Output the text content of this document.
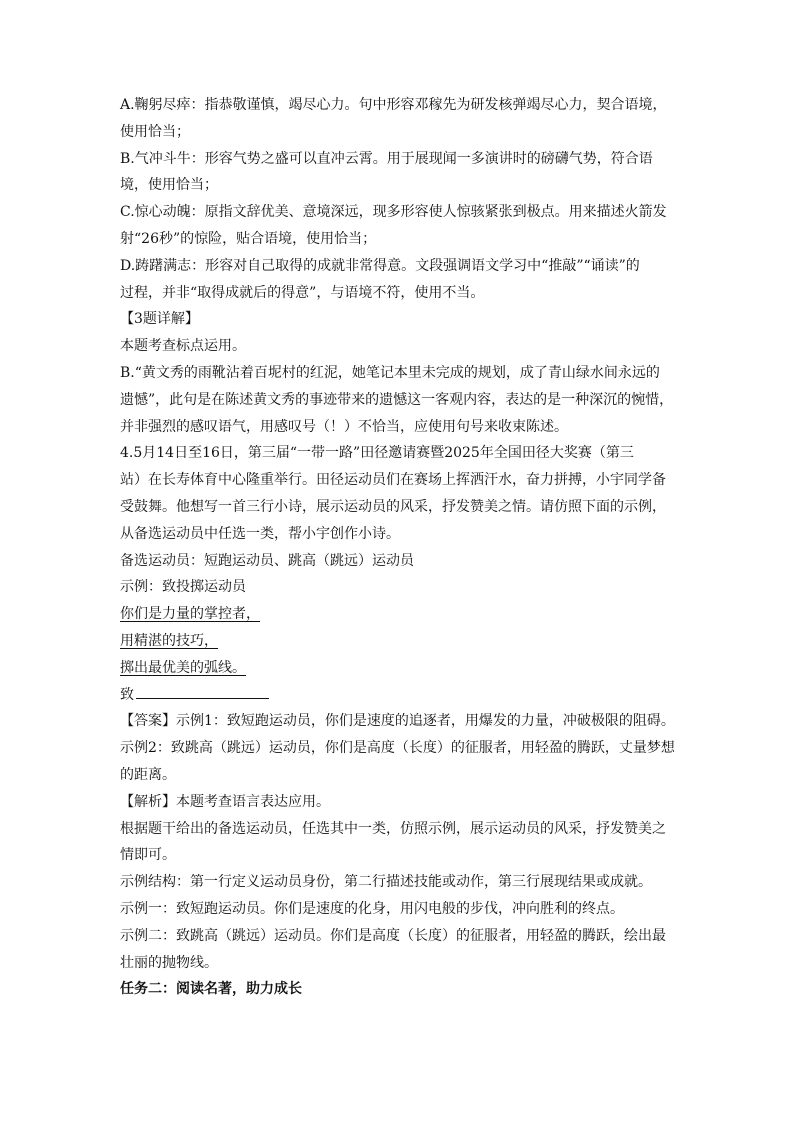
A.鞠躬尽瘁：指恭敬谨慎，竭尽心力。句中形容邓稼先为研发核弹竭尽心力，契合语境，
使用恰当；
B.气冲斗牛：形容气势之盛可以直冲云霄。用于展现闻一多演讲时的磅礴气势，符合语
境，使用恰当；
C.惊心动魄：原指文辞优美、意境深远，现多形容使人惊骇紧张到极点。用来描述火箭发
射“26秒”的惊险，贴合语境，使用恰当；
D.踌躇满志：形容对自己取得的成就非常得意。文段强调语文学习中“推敲”“诵读”的
过程，并非“取得成就后的得意”，与语境不符，使用不当。
【3题详解】
本题考查标点运用。
B.“黄文秀的雨靴沾着百坭村的红泥，她笔记本里未完成的规划，成了青山绿水间永远的
遗憾”，此句是在陈述黄文秀的事迹带来的遗憾这一客观内容，表达的是一种深沉的惋惜，
并非强烈的感叹语气，用感叹号（！）不恰当，应使用句号来收束陈述。
4.5月14日至16日，第三届“一带一路”田径邀请赛暨2025年全国田径大奖赛（第三
站）在长寿体育中心隆重举行。田径运动员们在赛场上挥洒汗水，奋力拼搏，小宇同学备
受鼓舞。他想写一首三行小诗，展示运动员的风采，抒发赞美之情。请仿照下面的示例，
从备选运动员中任选一类，帮小宇创作小诗。
备选运动员：短跑运动员、跳高（跳远）运动员
示例：致投掷运动员
你们是力量的掌控者，
用精湛的技巧，
掷出最优美的弧线。
致
【答案】示例1：致短跑运动员，你们是速度的追逐者，用爆发的力量，冲破极限的阻碍。
示例2：致跳高（跳远）运动员，你们是高度（长度）的征服者，用轻盈的腾跃，丈量梦想
的距离。
【解析】本题考查语言表达应用。
根据题干给出的备选运动员，任选其中一类，仿照示例，展示运动员的风采，抒发赞美之
情即可。
示例结构：第一行定义运动员身份，第二行描述技能或动作，第三行展现结果或成就。
示例一：致短跑运动员。你们是速度的化身，用闪电般的步伐，冲向胜利的终点。
示例二：致跳高（跳远）运动员。你们是高度（长度）的征服者，用轻盈的腾跃，绘出最
壮丽的抛物线。
任务二：阅读名著，助力成长
